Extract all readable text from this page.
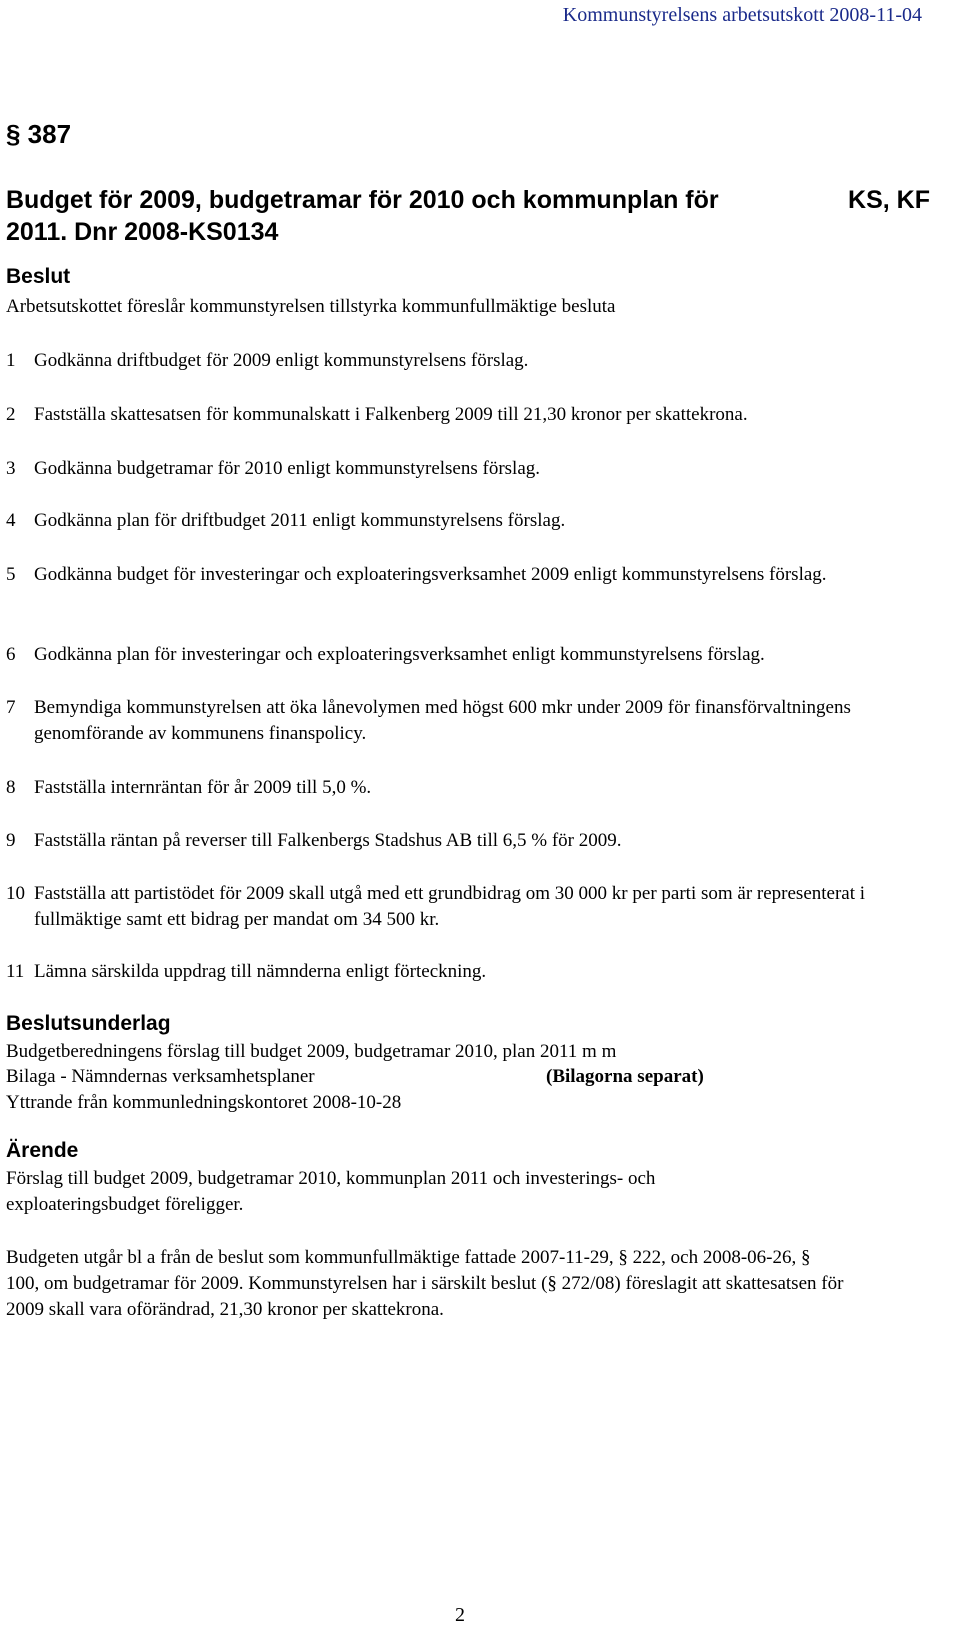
Kommunstyrelsens arbetsutskott 2008-11-04
§ 387
Budget för 2009, budgetramar för 2010 och kommunplan för 2011. Dnr 2008-KS0134
KS, KF
Beslut
Arbetsutskottet föreslår kommunstyrelsen tillstyrka kommunfullmäktige besluta
1 Godkänna driftbudget för 2009 enligt kommunstyrelsens förslag.
2 Fastställa skattesatsen för kommunalskatt i Falkenberg 2009 till 21,30 kronor per skattekrona.
3 Godkänna budgetramar för 2010 enligt kommunstyrelsens förslag.
4 Godkänna plan för driftbudget 2011 enligt kommunstyrelsens förslag.
5 Godkänna budget för investeringar och exploateringsverksamhet 2009 enligt kommunstyrelsens förslag.
6 Godkänna plan för investeringar och exploateringsverksamhet enligt kommunstyrelsens förslag.
7 Bemyndiga kommunstyrelsen att öka lånevolymen med högst 600 mkr under 2009 för finansförvaltningens genomförande av kommunens finanspolicy.
8 Fastställa internräntan för år 2009 till 5,0 %.
9 Fastställa räntan på reverser till Falkenbergs Stadshus AB till 6,5 % för 2009.
10 Fastställa att partistödet för 2009 skall utgå med ett grundbidrag om 30 000 kr per parti som är representerat i fullmäktige samt ett bidrag per mandat om 34 500 kr.
11 Lämna särskilda uppdrag till nämnderna enligt förteckning.
Beslutsunderlag
Budgetberedningens förslag till budget 2009, budgetramar 2010, plan 2011 m m
Bilaga - Nämndernas verksamhetsplaner	(Bilagorna separat)
Yttrande från kommunledningskontoret 2008-10-28
Ärende
Förslag till budget 2009, budgetramar 2010, kommunplan 2011 och investerings- och exploateringsbudget föreligger.
Budgeten utgår bl a från de beslut som kommunfullmäktige fattade 2007-11-29, § 222, och 2008-06-26, § 100, om budgetramar för 2009. Kommunstyrelsen har i särskilt beslut (§ 272/08) föreslagit att skattesatsen för 2009 skall vara oförändrad, 21,30 kronor per skattekrona.
2
